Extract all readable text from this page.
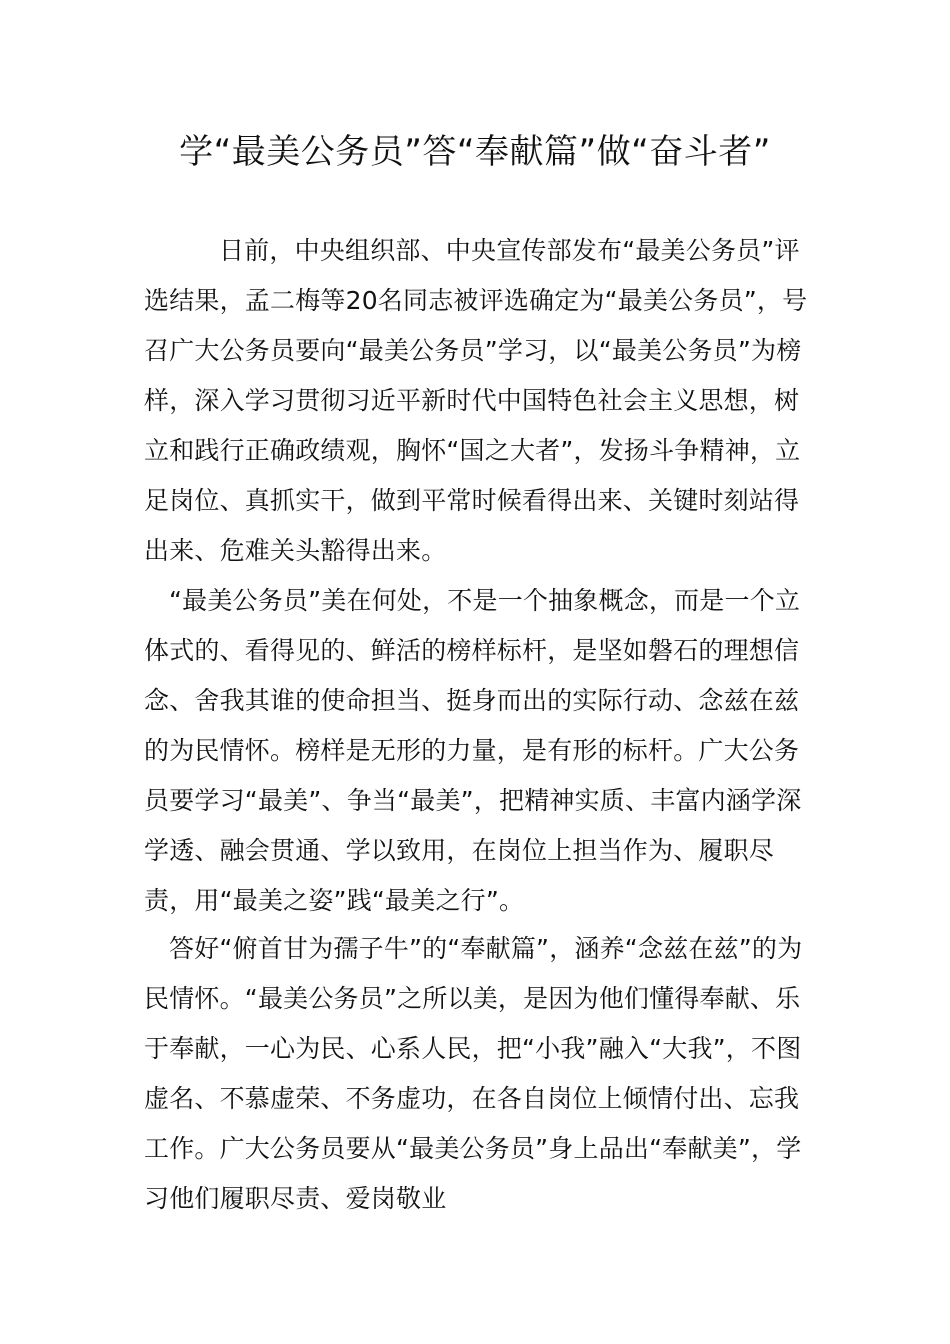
学“最美公务员”答“奉献篇”做“奋斗者”

日前，中央组织部、中央宣传部发布“最美公务员”评选结果，孟二梅等20名同志被评选确定为“最美公务员”，号召广大公务员要向“最美公务员”学习，以“最美公务员”为榜样，深入学习贯彻习近平新时代中国特色社会主义思想，树立和践行正确政绩观，胸怀“国之大者”，发扬斗争精神，立足岗位、真抓实干，做到平常时候看得出来、关键时刻站得出来、危难关头豁得出来。

“最美公务员”美在何处，不是一个抽象概念，而是一个立体式的、看得见的、鲜活的榜样标杆，是坚如磐石的理想信念、舍我其谁的使命担当、挺身而出的实际行动、念兹在兹的为民情怀。榜样是无形的力量，是有形的标杆。广大公务员要学习“最美”、争当“最美”，把精神实质、丰富内涵学深学透、融会贯通、学以致用，在岗位上担当作为、履职尽责，用“最美之姿”践“最美之行”。

答好“俯首甘为孺子牛”的“奉献篇”，涵养“念兹在兹”的为民情怀。“最美公务员”之所以美，是因为他们懂得奉献、乐于奉献，一心为民、心系人民，把“小我”融入“大我”，不图虚名、不慕虚荣、不务虚功，在各自岗位上倾情付出、忘我工作。广大公务员要从“最美公务员”身上品出“奉献美”，学习他们履职尽责、爱岗敬业
